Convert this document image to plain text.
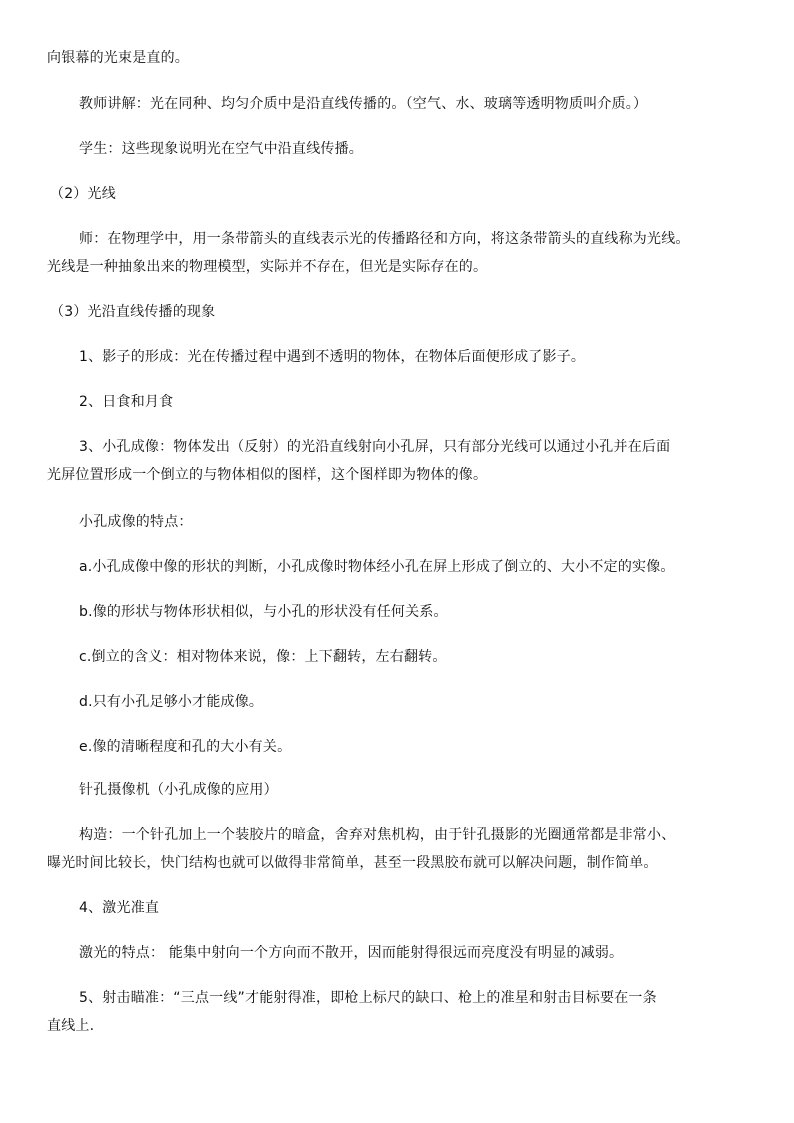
向银幕的光束是直的。
教师讲解：光在同种、均匀介质中是沿直线传播的。（空气、水、玻璃等透明物质叫介质。）
学生：这些现象说明光在空气中沿直线传播。
（2）光线
师：在物理学中，用一条带箭头的直线表示光的传播路径和方向，将这条带箭头的直线称为光线。
光线是一种抽象出来的物理模型，实际并不存在，但光是实际存在的。
（3）光沿直线传播的现象
1、影子的形成：光在传播过程中遇到不透明的物体，在物体后面便形成了影子。
2、日食和月食
3、小孔成像：物体发出（反射）的光沿直线射向小孔屏，只有部分光线可以通过小孔并在后面
光屏位置形成一个倒立的与物体相似的图样，这个图样即为物体的像。
小孔成像的特点：
a.小孔成像中像的形状的判断，小孔成像时物体经小孔在屏上形成了倒立的、大小不定的实像。
b.像的形状与物体形状相似，与小孔的形状没有任何关系。
c.倒立的含义：相对物体来说，像：上下翻转，左右翻转。
d.只有小孔足够小才能成像。
e.像的清晰程度和孔的大小有关。
针孔摄像机（小孔成像的应用）
构造：一个针孔加上一个装胶片的暗盒，舍弃对焦机构，由于针孔摄影的光圈通常都是非常小、
曝光时间比较长，快门结构也就可以做得非常简单，甚至一段黑胶布就可以解决问题，制作简单。
4、激光准直
激光的特点： 能集中射向一个方向而不散开，因而能射得很远而亮度没有明显的减弱。
5、射击瞄准：“三点一线”才能射得准，即枪上标尺的缺口、枪上的准星和射击目标要在一条
直线上.
